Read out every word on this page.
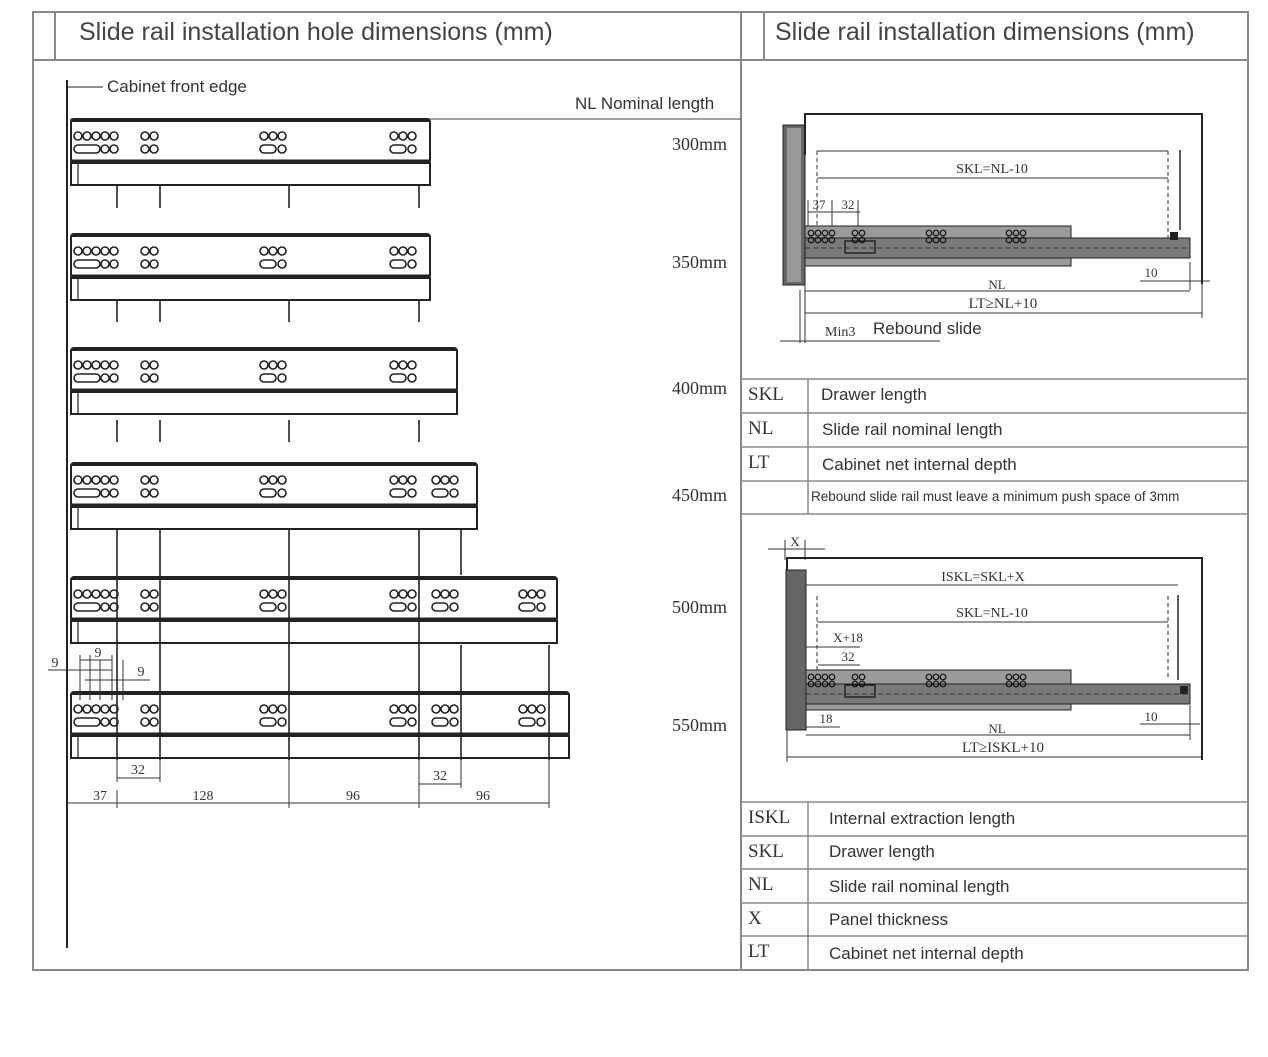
300mm
350mm
400mm
450mm
500mm
550mm
9
9
9
32	32
37	128	96	96
SKL=NL-10
37 32
10
NL
LT≥NL+10
Min3
X
ISKL=SKL+X
SKL=NL-10
X+18
32
18	10
NL
LT≥ISKL+10
Slide rail installation hole dimensions (mm)	Slide rail installation dimensions (mm)
Cabinet front edge
NL Nominal length
Rebound slide
SKL Drawer length
NL	Slide rail nominal length
LT	Cabinet net internal depth
Rebound slide rail must leave a minimum push space of 3mm
ISKL Internal extraction length
SKL	Drawer length
NL	Slide rail nominal length
X	Panel thickness
LT	Cabinet net internal depth
